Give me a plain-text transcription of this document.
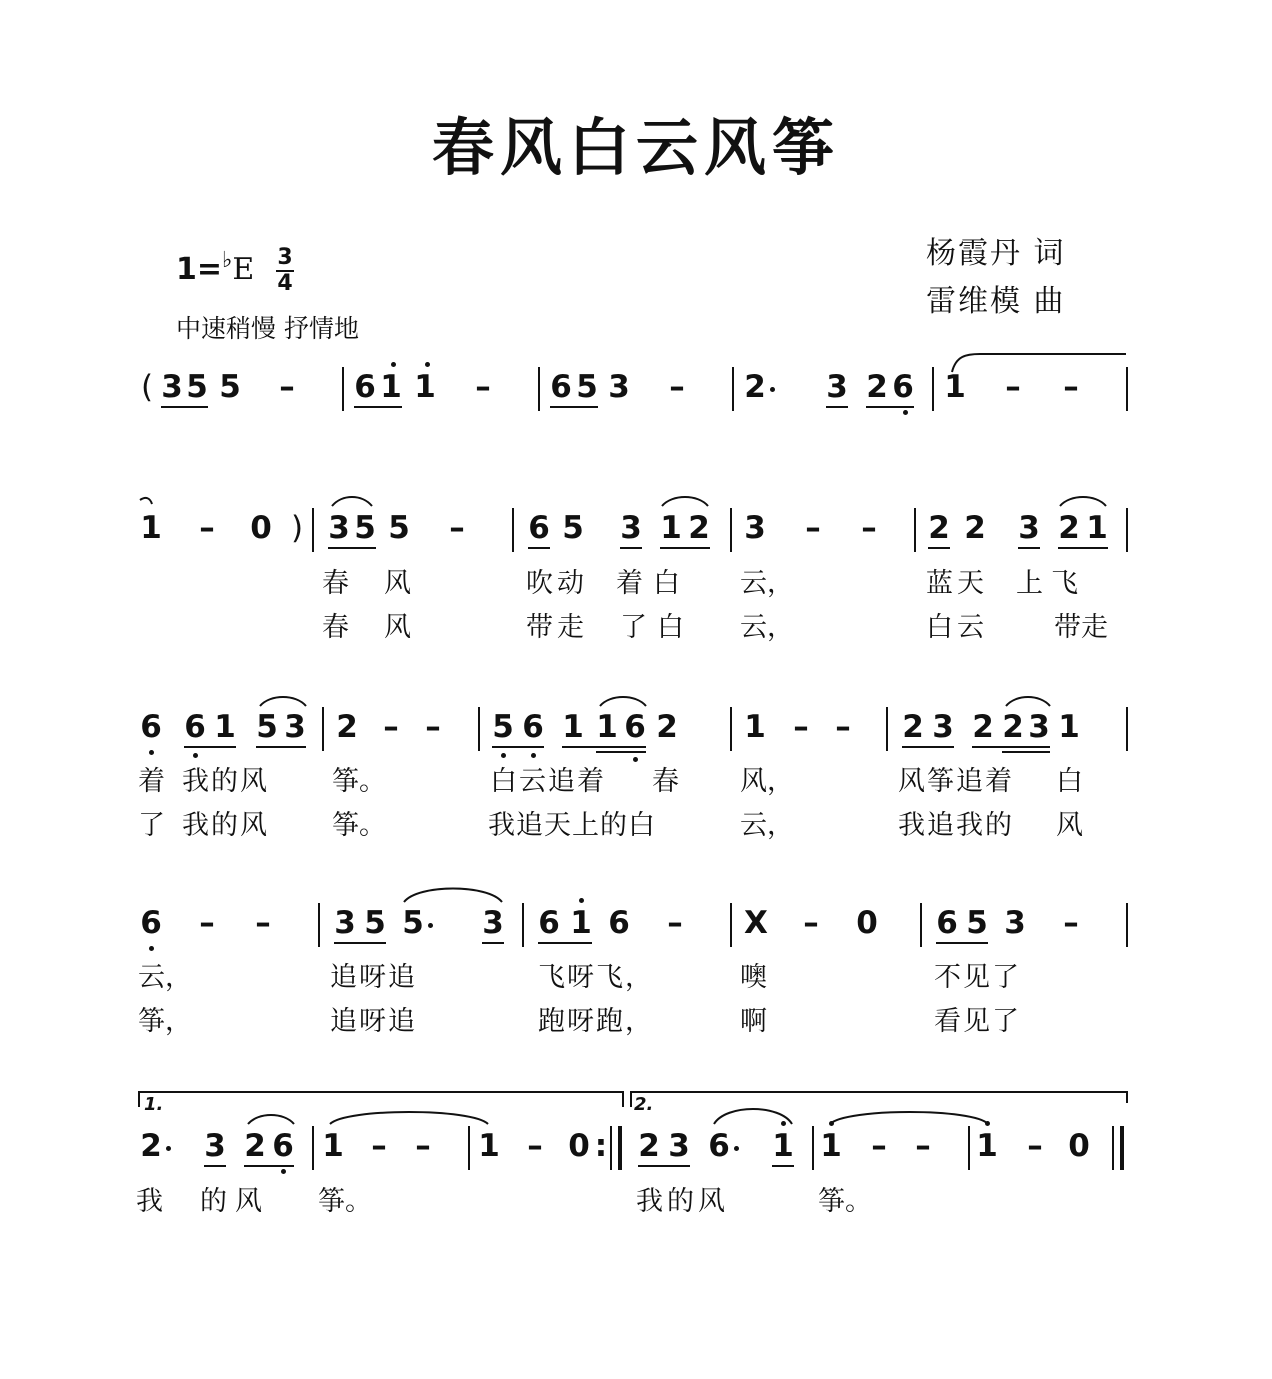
春风白云风筝
1=♭E 3
4
中速稍慢 抒情地
杨霞丹 词
雷维模 曲
( 3 5 5 – 6 1 1 – 6 5 3 – 2 3 2 6 1 – –
1 – 0 ) 3 5 5 – 6 5 3 1 2 3 – – 2 2 3 2 1
春 风	吹动 着白 云，	蓝天 上飞
春 风	带走 了白 云，	白云 带走
6 6 1 5 3 2 – – 5 6 1 1 6 2 1 – – 2 3 2 2 3 1
着 我的风 筝。	白云追着 春 风，	风筝追着 白
了 我的风 筝。	我追天上的白	云，	我追我的 风
6 – – 3 5 5 3 6 1 6 – X – 0 6 5 3 –
云，	追呀追	飞呀飞，	噢	不见了
筝，	追呀追	跑呀跑，	啊	看见了
1.	2.
2 3 2 6 1 – – 1 – 0 : 2 3 6 1 1 – – 1 – 0
我 的风 筝。	我的风	筝。
